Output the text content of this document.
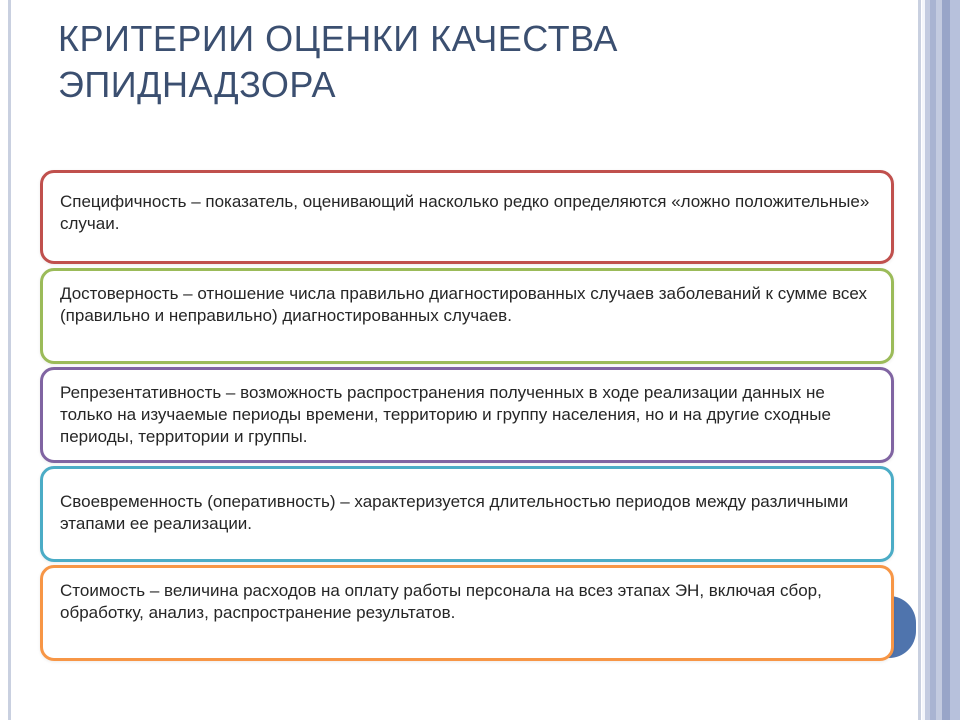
КРИТЕРИИ ОЦЕНКИ КАЧЕСТВА
ЭПИДНАДЗОРА

Специфичность – показатель, оценивающий насколько редко определяются «ложно положительные» случаи.

Достоверность – отношение числа правильно диагностированных случаев заболеваний к сумме всех (правильно и неправильно) диагностированных случаев.

Репрезентативность – возможность распространения полученных в ходе реализации данных не только на изучаемые периоды времени, территорию и группу населения, но и на другие сходные периоды, территории и группы.

Своевременность (оперативность) – характеризуется длительностью периодов между различными этапами ее реализации.

Стоимость – величина расходов на оплату работы персонала на всез этапах ЭН, включая сбор, обработку, анализ, распространение результатов.
